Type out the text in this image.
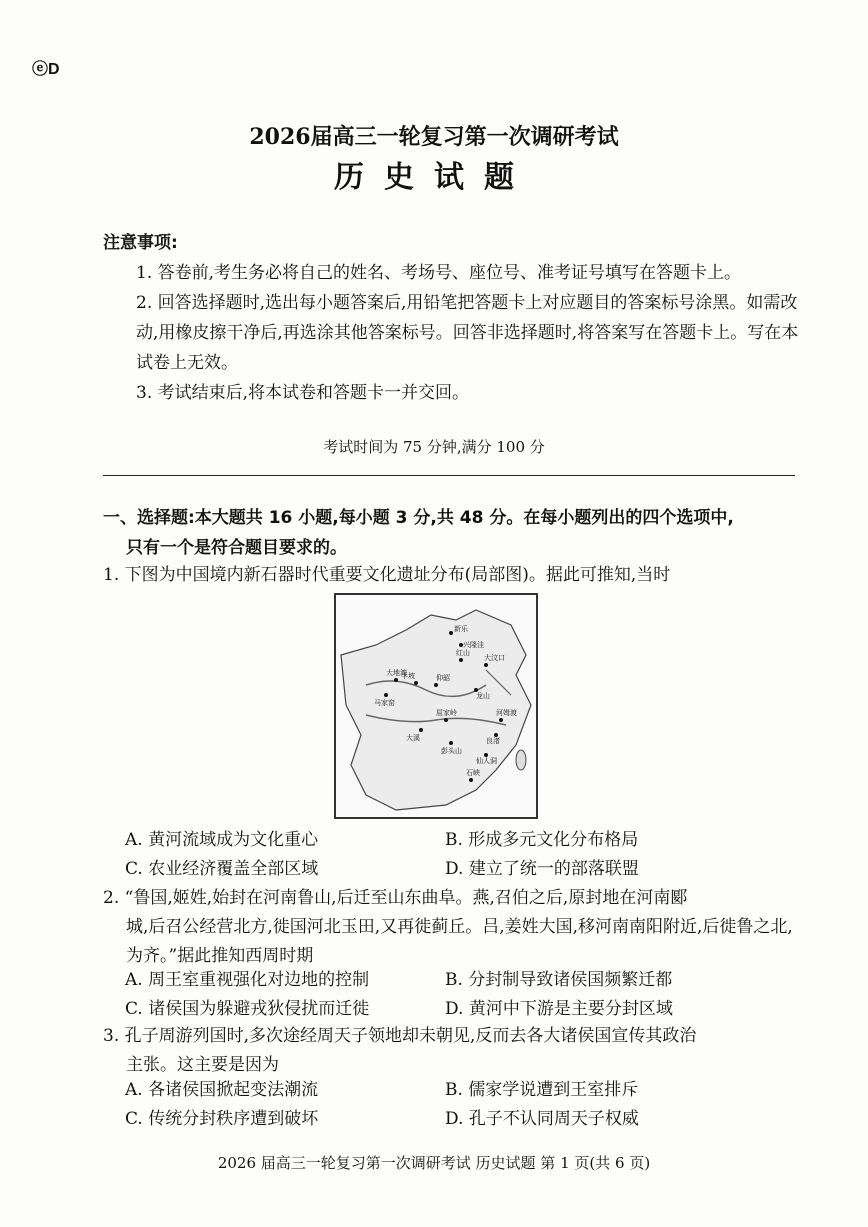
ⓔD
2026届高三一轮复习第一次调研考试
历史试题
注意事项:
1. 答卷前,考生务必将自己的姓名、考场号、座位号、准考证号填写在答题卡上。
2. 回答选择题时,选出每小题答案后,用铅笔把答题卡上对应题目的答案标号涂黑。如需改动,用橡皮擦干净后,再选涂其他答案标号。回答非选择题时,将答案写在答题卡上。写在本试卷上无效。
3. 考试结束后,将本试卷和答题卡一并交回。
考试时间为 75 分钟,满分 100 分
一、选择题:本大题共 16 小题,每小题 3 分,共 48 分。在每小题列出的四个选项中,
只有一个是符合题目要求的。
1. 下图为中国境内新石器时代重要文化遗址分布(局部图)。据此可推知,当时
新乐
红山
半坡
大地湾
马家窑
仰韶
大汶口
龙山
河姆渡
良渚
屈家岭
大溪
石峡
仙人洞
彭头山
兴隆洼
A. 黄河流域成为文化重心	B. 形成多元文化分布格局
C. 农业经济覆盖全部区域	D. 建立了统一的部落联盟
2. “鲁国,姬姓,始封在河南鲁山,后迁至山东曲阜。燕,召伯之后,原封地在河南郾
城,后召公经营北方,徙国河北玉田,又再徙蓟丘。吕,姜姓大国,移河南南阳附近,后徙鲁之北,为齐。”据此推知西周时期
A. 周王室重视强化对边地的控制	B. 分封制导致诸侯国频繁迁都
C. 诸侯国为躲避戎狄侵扰而迁徙	D. 黄河中下游是主要分封区域
3. 孔子周游列国时,多次途经周天子领地却未朝见,反而去各大诸侯国宣传其政治
主张。这主要是因为
A. 各诸侯国掀起变法潮流	B. 儒家学说遭到王室排斥
C. 传统分封秩序遭到破坏	D. 孔子不认同周天子权威
2026 届高三一轮复习第一次调研考试 历史试题 第 1 页(共 6 页)
